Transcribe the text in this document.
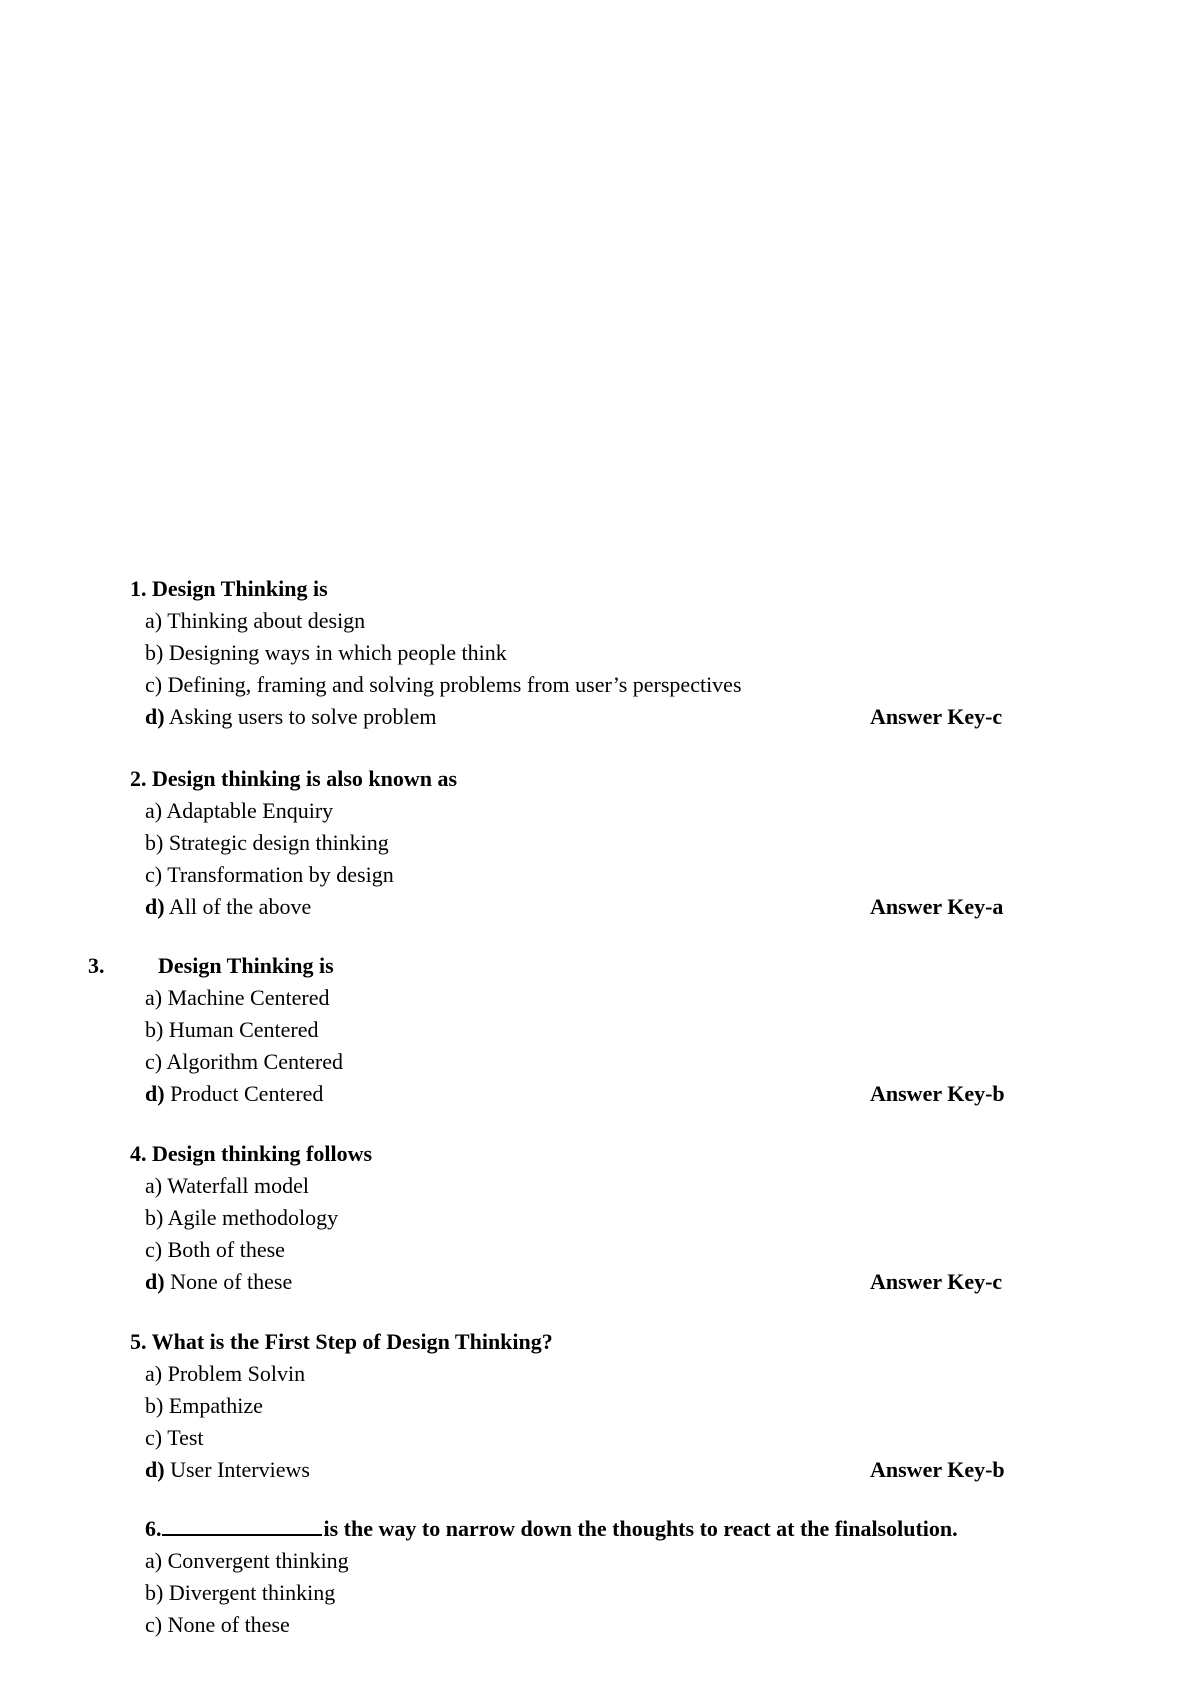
1. Design Thinking is
a) Thinking about design
b) Designing ways in which people think
c) Defining, framing and solving problems from user’s perspectives
d) Asking users to solve problem	Answer Key-c
2. Design thinking is also known as
a) Adaptable Enquiry
b) Strategic design thinking
c) Transformation by design
d) All of the above	Answer Key-a
3. Design Thinking is
a) Machine Centered
b) Human Centered
c) Algorithm Centered
d) Product Centered	Answer Key-b
4. Design thinking follows
a) Waterfall model
b) Agile methodology
c) Both of these
d) None of these	Answer Key-c
5. What is the First Step of Design Thinking?
a) Problem Solvin
b) Empathize
c) Test
d) User Interviews	Answer Key-b
6.	is the way to narrow down the thoughts to react at the finalsolution.
a) Convergent thinking
b) Divergent thinking
c) None of these
